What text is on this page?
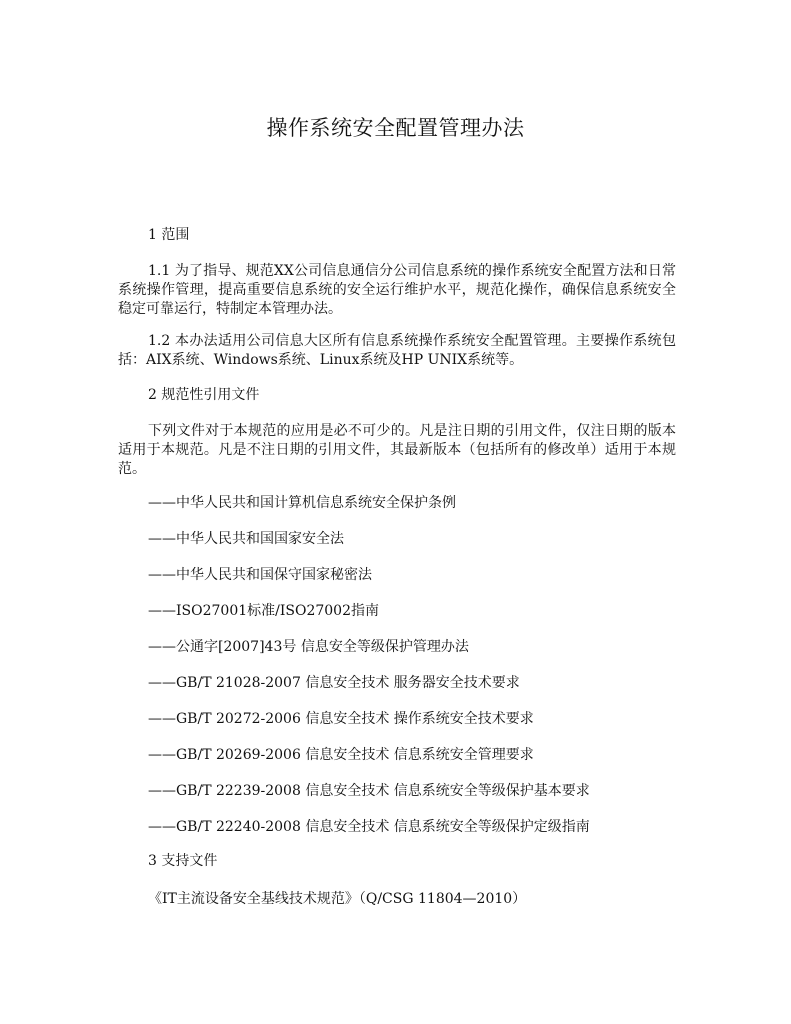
操作系统安全配置管理办法

1 范围

1.1 为了指导、规范XX公司信息通信分公司信息系统的操作系统安全配置方法和日常系统操作管理，提高重要信息系统的安全运行维护水平，规范化操作，确保信息系统安全稳定可靠运行，特制定本管理办法。

1.2 本办法适用公司信息大区所有信息系统操作系统安全配置管理。主要操作系统包括：AIX系统、Windows系统、Linux系统及HP UNIX系统等。

2 规范性引用文件

下列文件对于本规范的应用是必不可少的。凡是注日期的引用文件，仅注日期的版本适用于本规范。凡是不注日期的引用文件，其最新版本（包括所有的修改单）适用于本规范。

——中华人民共和国计算机信息系统安全保护条例

——中华人民共和国国家安全法

——中华人民共和国保守国家秘密法

——ISO27001标准/ISO27002指南

——公通字[2007]43号 信息安全等级保护管理办法

——GB/T 21028-2007 信息安全技术 服务器安全技术要求

——GB/T 20272-2006 信息安全技术 操作系统安全技术要求

——GB/T 20269-2006 信息安全技术 信息系统安全管理要求

——GB/T 22239-2008 信息安全技术 信息系统安全等级保护基本要求

——GB/T 22240-2008 信息安全技术 信息系统安全等级保护定级指南

3 支持文件

《IT主流设备安全基线技术规范》（Q/CSG 11804—2010）
